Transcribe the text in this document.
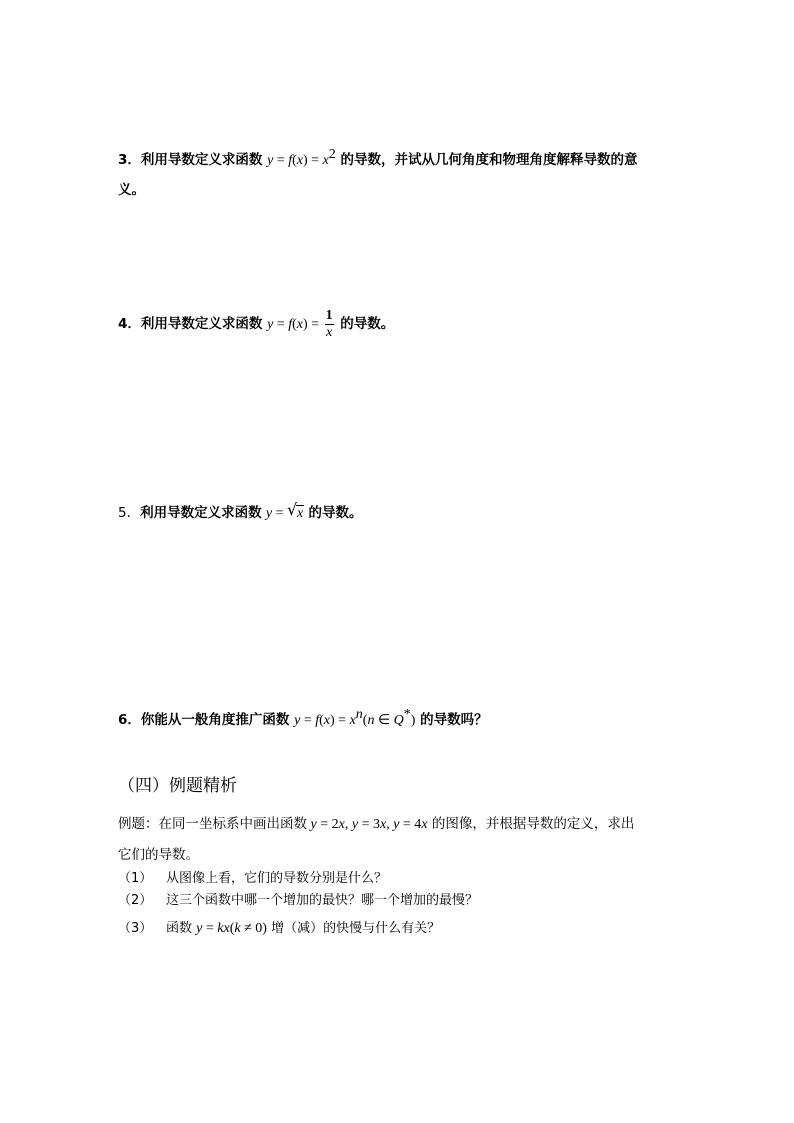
3．利用导数定义求函数 $y = f(x) = x^2$ 的导数，并试从几何角度和物理角度解释导数的意
义。
4．利用导数定义求函数 $y = f(x) = \frac{1}{x}$ 的导数。
5．利用导数定义求函数 y = √ x 的导数。
6．你能从一般角度推广函数 $y = f(x) = x^n(n$ ∈ Q*) 的导数吗？
（四）例题精析
例题：在同一坐标系中画出函数 y = 2x, y = 3x, y = 4x 的图像，并根据导数的定义，求出
它们的导数。
（1） 从图像上看，它们的导数分别是什么？
（2） 这三个函数中哪一个增加的最快？哪一个增加的最慢？
（3） 函数 y = kx(k ≠ 0) 增（减）的快慢与什么有关？
